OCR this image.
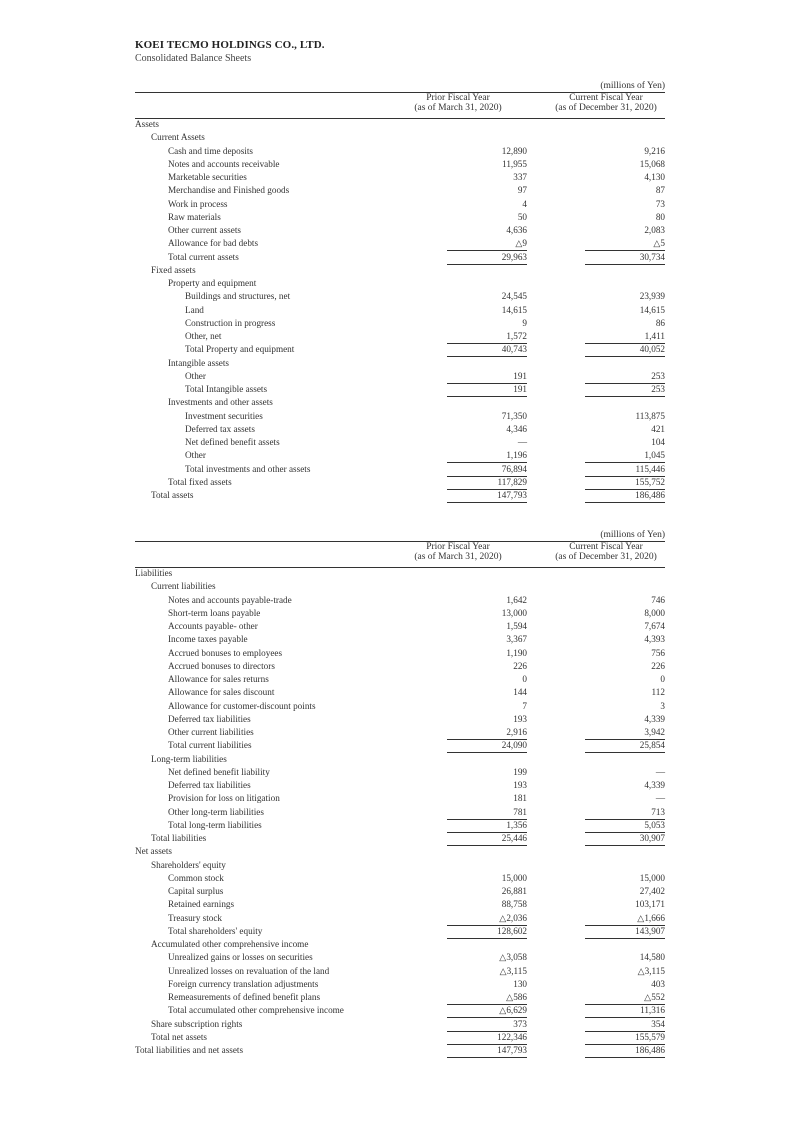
KOEI TECMO HOLDINGS CO., LTD.
Consolidated Balance Sheets
(millions of Yen)
Prior Fiscal Year
(as of March 31, 2020)
Current Fiscal Year
(as of December 31, 2020)
Assets
Current Assets
Cash and time deposits	12,890	9,216
Notes and accounts receivable	11,955	15,068
Marketable securities	337	4,130
Merchandise and Finished goods	97	87
Work in process	4	73
Raw materials	50	80
Other current assets	4,636	2,083
Allowance for bad debts	△9	△5
Total current assets	29,963	30,734
Fixed assets
Property and equipment
Buildings and structures, net	24,545	23,939
Land	14,615	14,615
Construction in progress	9	86
Other, net	1,572	1,411
Total Property and equipment	40,743	40,052
Intangible assets
Other	191	253
Total Intangible assets	191	253
Investments and other assets
Investment securities	71,350	113,875
Deferred tax assets	4,346	421
Net defined benefit assets	—	104
Other	1,196	1,045
Total investments and other assets	76,894	115,446
Total fixed assets	117,829	155,752
Total assets	147,793	186,486
(millions of Yen)
Prior Fiscal Year
(as of March 31, 2020)
Current Fiscal Year
(as of December 31, 2020)
Liabilities
Current liabilities
Notes and accounts payable-trade	1,642	746
Short-term loans payable	13,000	8,000
Accounts payable- other	1,594	7,674
Income taxes payable	3,367	4,393
Accrued bonuses to employees	1,190	756
Accrued bonuses to directors	226	226
Allowance for sales returns	0	0
Allowance for sales discount	144	112
Allowance for customer-discount points	7	3
Deferred tax liabilities	193	4,339
Other current liabilities	2,916	3,942
Total current liabilities	24,090	25,854
Long-term liabilities
Net defined benefit liability	199	—
Deferred tax liabilities	193	4,339
Provision for loss on litigation	181	—
Other long-term liabilities	781	713
Total long-term liabilities	1,356	5,053
Total liabilities	25,446	30,907
Net assets
Shareholders' equity
Common stock	15,000	15,000
Capital surplus	26,881	27,402
Retained earnings	88,758	103,171
Treasury stock	△2,036	△1,666
Total shareholders' equity	128,602	143,907
Accumulated other comprehensive income
Unrealized gains or losses on securities	△3,058	14,580
Unrealized losses on revaluation of the land	△3,115	△3,115
Foreign currency translation adjustments	130	403
Remeasurements of defined benefit plans	△586	△552
Total accumulated other comprehensive income	△6,629	11,316
Share subscription rights	373	354
Total net assets	122,346	155,579
Total liabilities and net assets	147,793	186,486
